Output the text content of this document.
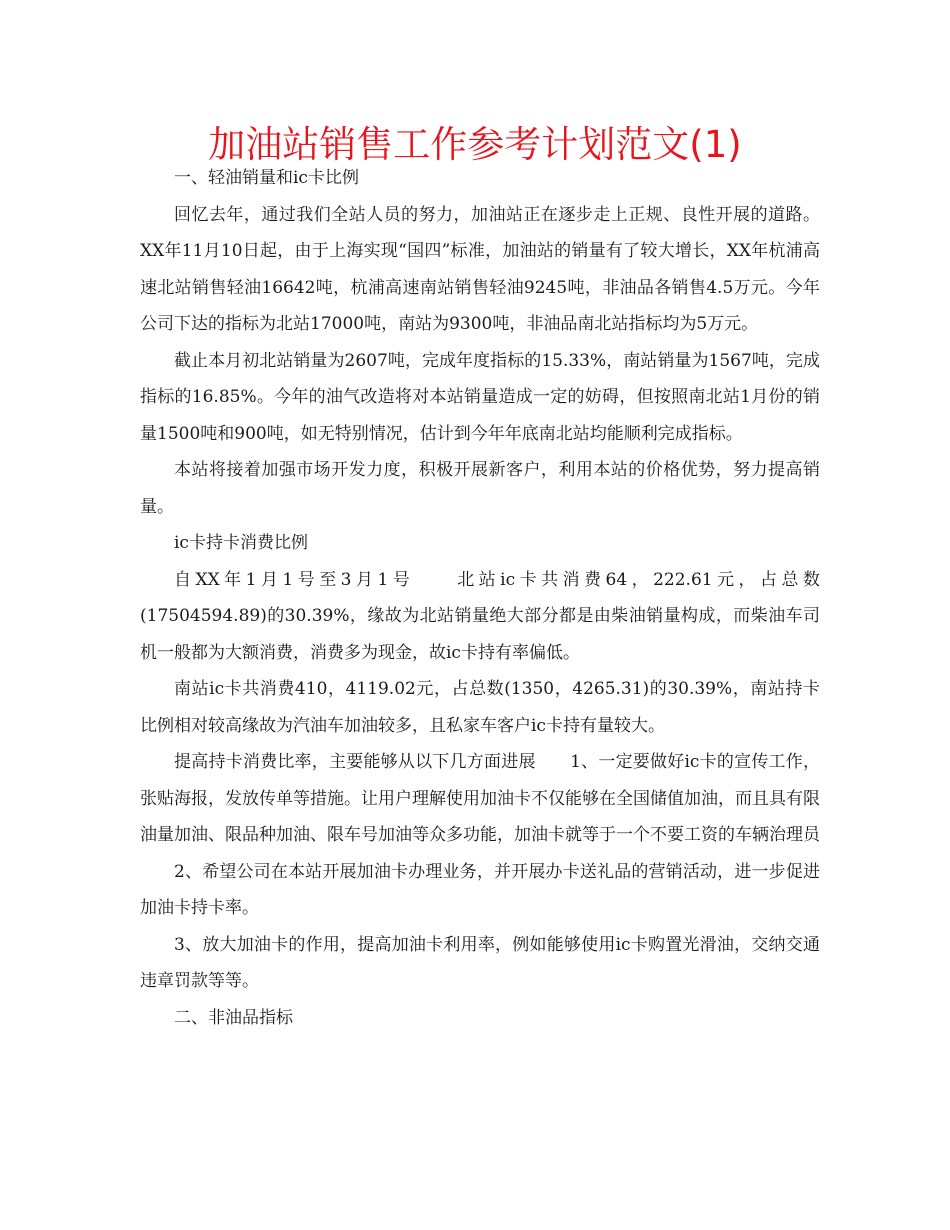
加油站销售工作参考计划范文(1)

一、轻油销量和ic卡比例

回忆去年，通过我们全站人员的努力，加油站正在逐步走上正规、良性开展的道路。XX年11月10日起，由于上海实现“国四”标准，加油站的销量有了较大增长，XX年杭浦高速北站销售轻油16642吨，杭浦高速南站销售轻油9245吨，非油品各销售4.5万元。今年公司下达的指标为北站17000吨，南站为9300吨，非油品南北站指标均为5万元。

截止本月初北站销量为2607吨，完成年度指标的15.33%，南站销量为1567吨，完成指标的16.85%。今年的油气改造将对本站销量造成一定的妨碍，但按照南北站1月份的销量1500吨和900吨，如无特别情况，估计到今年年底南北站均能顺利完成指标。

本站将接着加强市场开发力度，积极开展新客户，利用本站的价格优势，努力提高销量。

ic卡持卡消费比例

自XX年1月1号至3月1号　　北站ic卡共消费64，222.61元，占总数(17504594.89)的30.39%，缘故为北站销量绝大部分都是由柴油销量构成，而柴油车司机一般都为大额消费，消费多为现金，故ic卡持有率偏低。

南站ic卡共消费410，4119.02元，占总数(1350，4265.31)的30.39%，南站持卡比例相对较高缘故为汽油车加油较多，且私家车客户ic卡持有量较大。

提高持卡消费比率，主要能够从以下几方面进展　　1、一定要做好ic卡的宣传工作，张贴海报，发放传单等措施。让用户理解使用加油卡不仅能够在全国储值加油，而且具有限油量加油、限品种加油、限车号加油等众多功能，加油卡就等于一个不要工资的车辆治理员

2、希望公司在本站开展加油卡办理业务，并开展办卡送礼品的营销活动，进一步促进加油卡持卡率。

3、放大加油卡的作用，提高加油卡利用率，例如能够使用ic卡购置光滑油，交纳交通违章罚款等等。

二、非油品指标
